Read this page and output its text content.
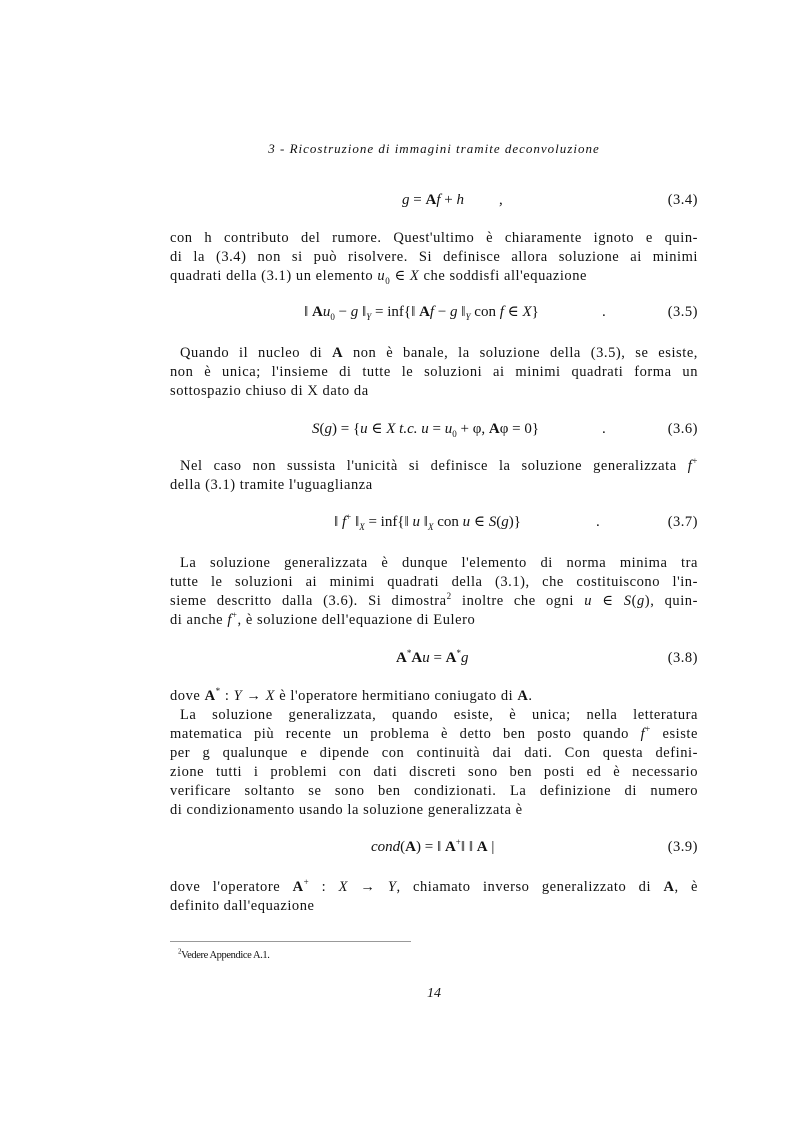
3 - Ricostruzione di immagini tramite deconvoluzione
g = Af + h ,	(3.4)
con h contributo del rumore. Quest'ultimo è chiaramente ignoto e quin-
di la (3.4) non si può risolvere. Si definisce allora soluzione ai minimi
quadrati della (3.1) un elemento $u_0$ ∈ X che soddisfi all'equazione
‖ $Au_0 - g$ $‖_Y$ = inf{‖ Af − g $‖_Y$ con f ∈ X}	.	(3.5)
Quando il nucleo di A non è banale, la soluzione della (3.5), se esiste,
non è unica; l'insieme di tutte le soluzioni ai minimi quadrati forma un
sottospazio chiuso di X dato da
S(g) = {u ∈ X t.c. $u = u_0 + \varphi$, Aφ = 0}	.	(3.6)
Nel caso non sussista l'unicità si definisce la soluzione generalizzata f+
della (3.1) tramite l'uguaglianza
‖ f+ $‖_X$ = inf{‖ u $‖_X$ con u ∈ S(g)}	.	(3.7)
La soluzione generalizzata è dunque l'elemento di norma minima tra
tutte le soluzioni ai minimi quadrati della (3.1), che costituiscono l'in-
sieme descritto dalla (3.6). Si dimostra$^2$ inoltre che ogni u ∈ S(g), quin-
di anche f+, è soluzione dell'equazione di Eulero
A*Au = A*g	(3.8)
dove A* : Y → X è l'operatore hermitiano coniugato di A.
La soluzione generalizzata, quando esiste, è unica; nella letteratura
matematica più recente un problema è detto ben posto quando f+ esiste
per g qualunque e dipende con continuità dai dati. Con questa defini-
zione tutti i problemi con dati discreti sono ben posti ed è necessario
verificare soltanto se sono ben condizionati. La definizione di numero
di condizionamento usando la soluzione generalizzata è
cond(A) = ‖ A+‖ ‖ A |	(3.9)
dove l'operatore A+ : X → Y, chiamato inverso generalizzato di A, è
definito dall'equazione
$^2$Vedere Appendice A.1.
14
